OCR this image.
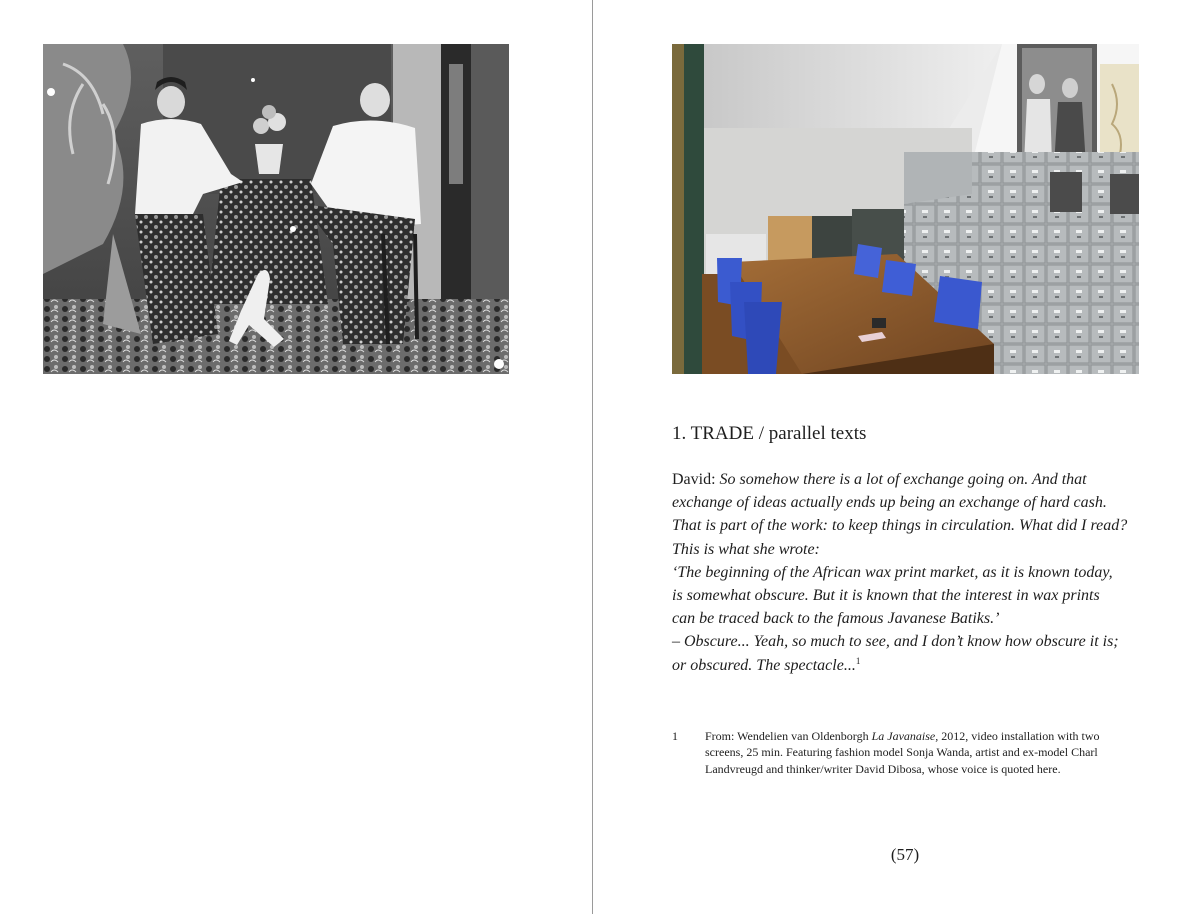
1. TRADE / parallel texts

David: So somehow there is a lot of exchange going on. And that
exchange of ideas actually ends up being an exchange of hard cash.
That is part of the work: to keep things in circulation. What did I read?
This is what she wrote:
‘The beginning of the African wax print market, as it is known today,
is somewhat obscure. But it is known that the interest in wax prints
can be traced back to the famous Javanese Batiks.’
– Obscure... Yeah, so much to see, and I don’t know how obscure it is;
or obscured. The spectacle...$^1$

1 From: Wendelien van Oldenborgh La Javanaise, 2012, video installation with two
screens, 25 min. Featuring fashion model Sonja Wanda, artist and ex-model Charl
Landvreugd and thinker/writer David Dibosa, whose voice is quoted here.
(57)
